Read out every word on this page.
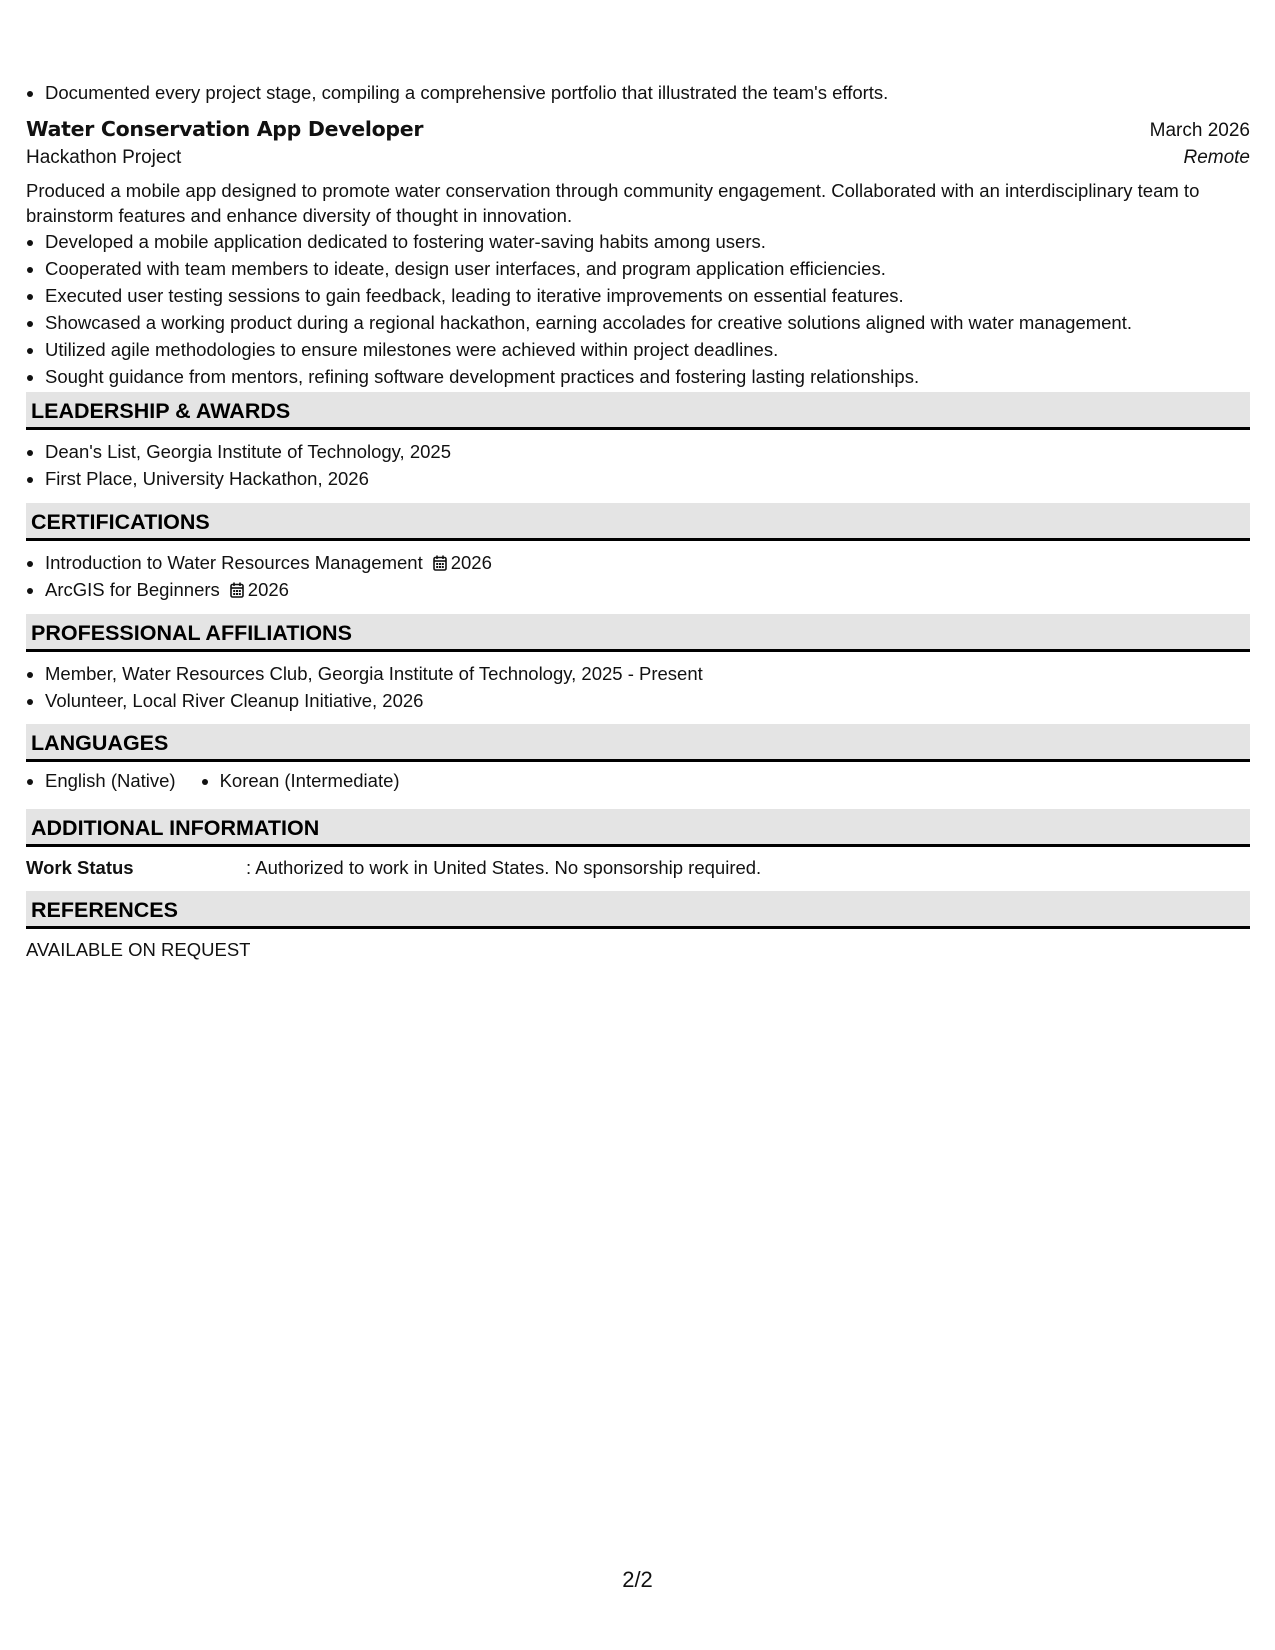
• Documented every project stage, compiling a comprehensive portfolio that illustrated the team's efforts.
Water Conservation App Developer	March 2026
Hackathon Project	Remote
Produced a mobile app designed to promote water conservation through community engagement. Collaborated with an interdisciplinary team to brainstorm features and enhance diversity of thought in innovation.
• Developed a mobile application dedicated to fostering water-saving habits among users.
• Cooperated with team members to ideate, design user interfaces, and program application efficiencies.
• Executed user testing sessions to gain feedback, leading to iterative improvements on essential features.
• Showcased a working product during a regional hackathon, earning accolades for creative solutions aligned with water management.
• Utilized agile methodologies to ensure milestones were achieved within project deadlines.
• Sought guidance from mentors, refining software development practices and fostering lasting relationships.
LEADERSHIP & AWARDS
• Dean's List, Georgia Institute of Technology, 2025
• First Place, University Hackathon, 2026
CERTIFICATIONS
• Introduction to Water Resources Management 2026
• ArcGIS for Beginners 2026
PROFESSIONAL AFFILIATIONS
• Member, Water Resources Club, Georgia Institute of Technology, 2025 - Present
• Volunteer, Local River Cleanup Initiative, 2026
LANGUAGES
• English (Native)
• Korean (Intermediate)
ADDITIONAL INFORMATION
Work Status	: Authorized to work in United States. No sponsorship required.
REFERENCES
AVAILABLE ON REQUEST
2/2
